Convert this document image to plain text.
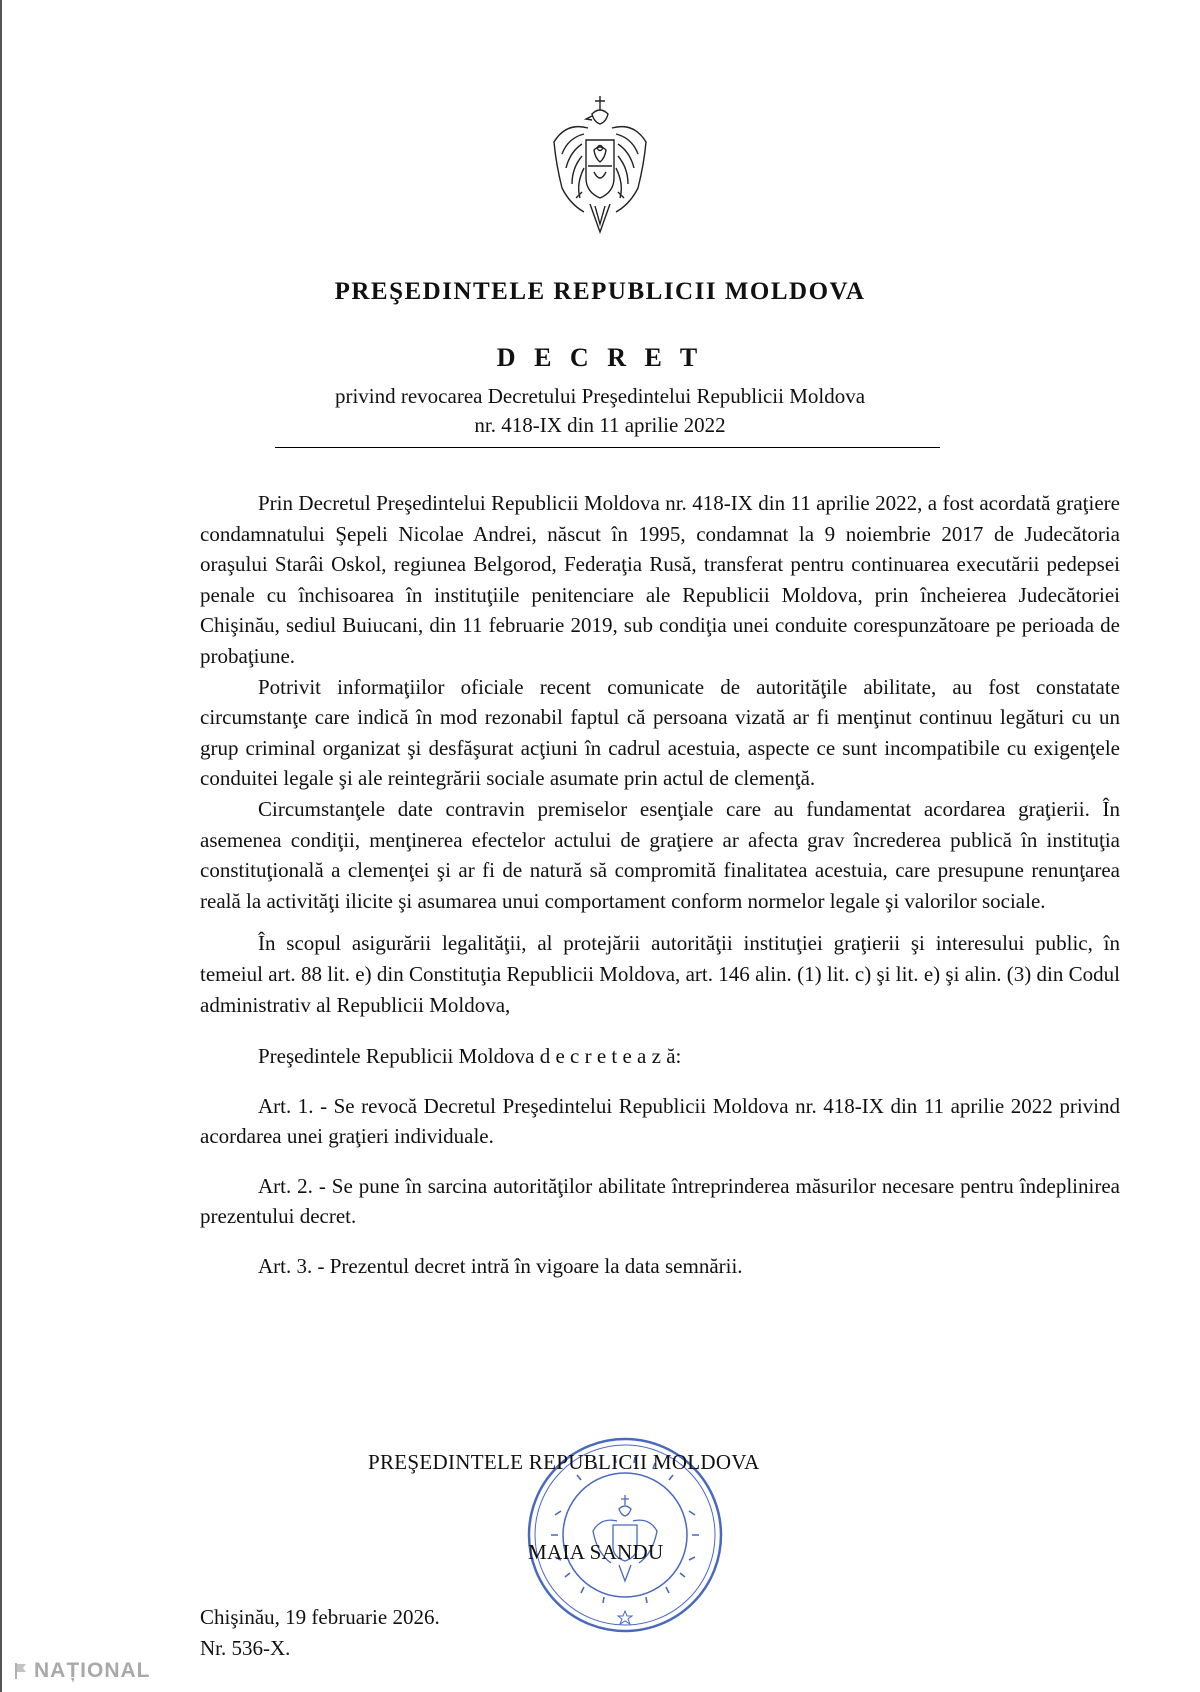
PREŞEDINTELE REPUBLICII MOLDOVA
D E C R E T
privind revocarea Decretului Preşedintelui Republicii Moldova
nr. 418-IX din 11 aprilie 2022

Prin Decretul Preşedintelui Republicii Moldova nr. 418-IX din 11 aprilie 2022, a fost acordată graţiere condamnatului Şepeli Nicolae Andrei, născut în 1995, condamnat la 9 noiembrie 2017 de Judecătoria oraşului Starâi Oskol, regiunea Belgorod, Federaţia Rusă, transferat pentru continuarea executării pedepsei penale cu închisoarea în instituţiile penitenciare ale Republicii Moldova, prin încheierea Judecătoriei Chişinău, sediul Buiucani, din 11 februarie 2019, sub condiţia unei conduite corespunzătoare pe perioada de probaţiune.

Potrivit informaţiilor oficiale recent comunicate de autorităţile abilitate, au fost constatate circumstanţe care indică în mod rezonabil faptul că persoana vizată ar fi menţinut continuu legături cu un grup criminal organizat şi desfăşurat acţiuni în cadrul acestuia, aspecte ce sunt incompatibile cu exigenţele conduitei legale şi ale reintegrării sociale asumate prin actul de clemenţă.

Circumstanţele date contravin premiselor esenţiale care au fundamentat acordarea graţierii. În asemenea condiţii, menţinerea efectelor actului de graţiere ar afecta grav încrederea publică în instituţia constituţională a clemenţei şi ar fi de natură să compromită finalitatea acestuia, care presupune renunţarea reală la activităţi ilicite şi asumarea unui comportament conform normelor legale şi valorilor sociale.

În scopul asigurării legalităţii, al protejării autorităţii instituţiei graţierii şi interesului public, în temeiul art. 88 lit. e) din Constituţia Republicii Moldova, art. 146 alin. (1) lit. c) şi lit. e) şi alin. (3) din Codul administrativ al Republicii Moldova,

Preşedintele Republicii Moldova d e c r e t e a z ă:

Art. 1. - Se revocă Decretul Preşedintelui Republicii Moldova nr. 418-IX din 11 aprilie 2022 privind acordarea unei graţieri individuale.

Art. 2. - Se pune în sarcina autorităţilor abilitate întreprinderea măsurilor necesare pentru îndeplinirea prezentului decret.

Art. 3. - Prezentul decret intră în vigoare la data semnării.

PREŞEDINTELE REPUBLICII MOLDOVA
MAIA SANDU
Chişinău, 19 februarie 2026.
Nr. 536-X.
NAȚIONAL
